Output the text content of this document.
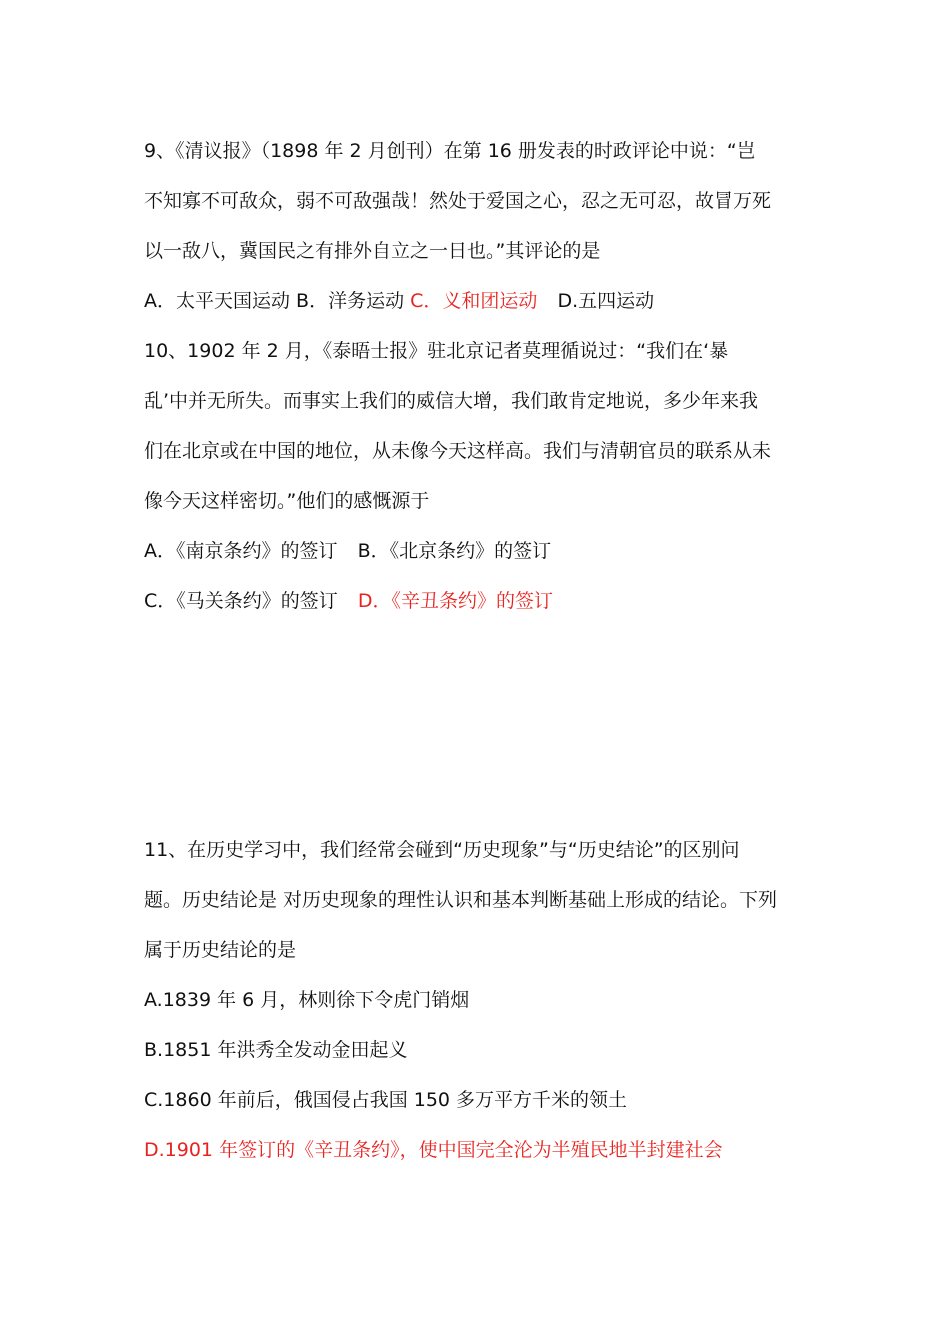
9、《清议报》（1898 年 2 月创刊）在第 16 册发表的时政评论中说：“岂
不知寡不可敌众，弱不可敌强哉！然处于爱国之心，忍之无可忍，故冒万死
以一敌八，冀国民之有排外自立之一日也。”其评论的是
A．太平天国运动 B．洋务运动 C．义和团运动 D.五四运动
10、1902 年 2 月，《泰晤士报》驻北京记者莫理循说过：“我们在‘暴
乱’中并无所失。而事实上我们的威信大增，我们敢肯定地说，多少年来我
们在北京或在中国的地位，从未像今天这样高。我们与清朝官员的联系从未
像今天这样密切。”他们的感慨源于
A．《南京条约》的签订 B．《北京条约》的签订
C．《马关条约》的签订 D．《辛丑条约》的签订
11、在历史学习中，我们经常会碰到“历史现象”与“历史结论”的区别问
题。历史结论是 对历史现象的理性认识和基本判断基础上形成的结论。下列
属于历史结论的是
A.1839 年 6 月，林则徐下令虎门销烟
B.1851 年洪秀全发动金田起义
C.1860 年前后，俄国侵占我国 150 多万平方千米的领土
D.1901 年签订的《辛丑条约》，使中国完全沦为半殖民地半封建社会
